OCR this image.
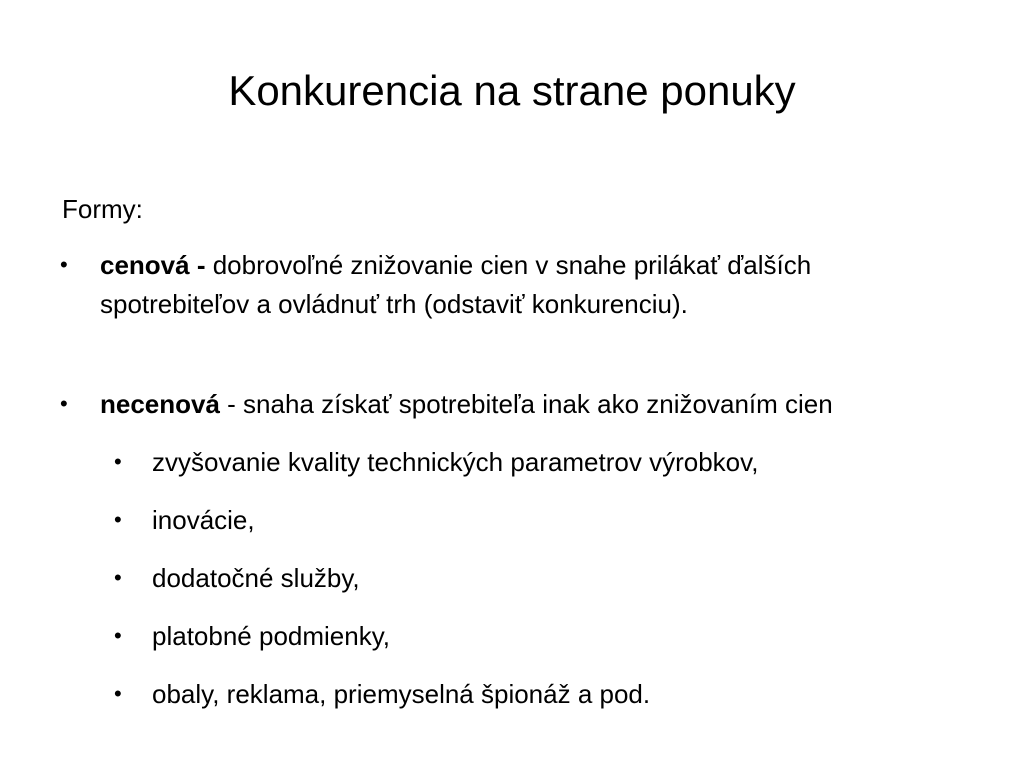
Konkurencia na strane ponuky
Formy:
• cenová - dobrovoľné znižovanie cien v snahe prilákať ďalších
spotrebiteľov a ovládnuť trh (odstaviť konkurenciu).
• necenová - snaha získať spotrebiteľa inak ako znižovaním cien
• zvyšovanie kvality technických parametrov výrobkov,
• inovácie,
• dodatočné služby,
• platobné podmienky,
• obaly, reklama, priemyselná špionáž a pod.
